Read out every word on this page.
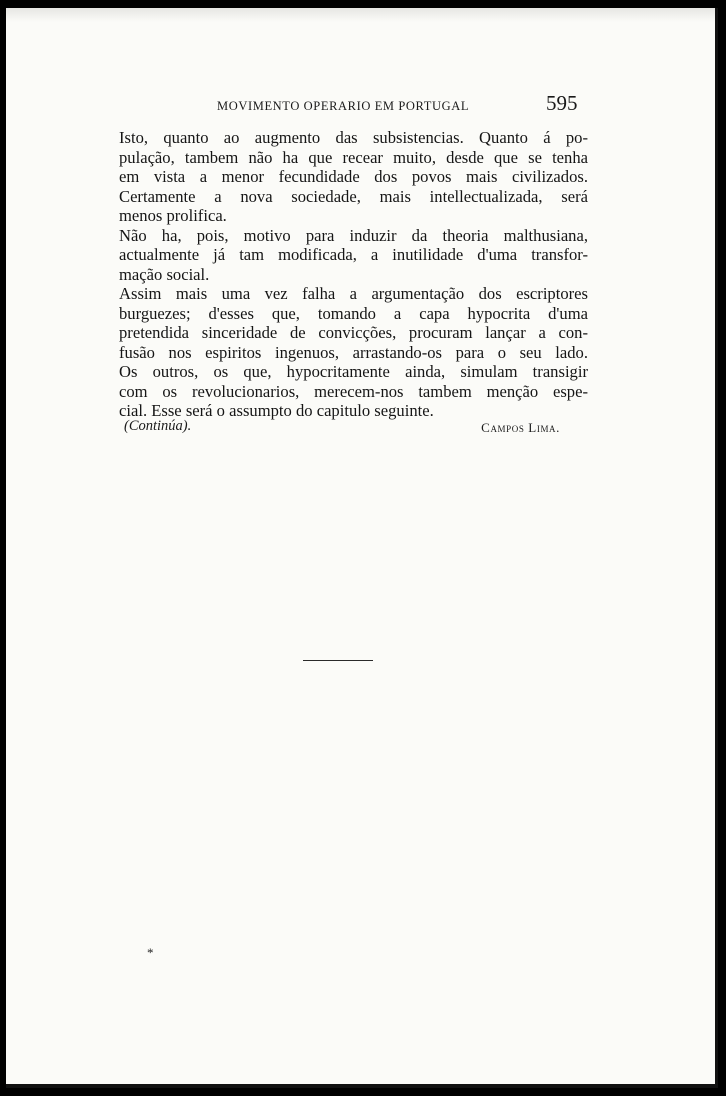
MOVIMENTO OPERARIO EM PORTUGAL	595
Isto, quanto ao augmento das subsistencias. Quanto á po-
pulação, tambem não ha que recear muito, desde que se tenha
em vista a menor fecundidade dos povos mais civilizados.
Certamente a nova sociedade, mais intellectualizada, será
menos prolifica.
Não ha, pois, motivo para induzir da theoria malthusiana,
actualmente já tam modificada, a inutilidade d'uma transfor-
mação social.
Assim mais uma vez falha a argumentação dos escriptores
burguezes; d'esses que, tomando a capa hypocrita d'uma
pretendida sinceridade de convicções, procuram lançar a con-
fusão nos espiritos ingenuos, arrastando-os para o seu lado.
Os outros, os que, hypocritamente ainda, simulam transigir
com os revolucionarios, merecem-nos tambem menção espe-
cial. Esse será o assumpto do capitulo seguinte.
(Continúa).	Campos Lima.
*
